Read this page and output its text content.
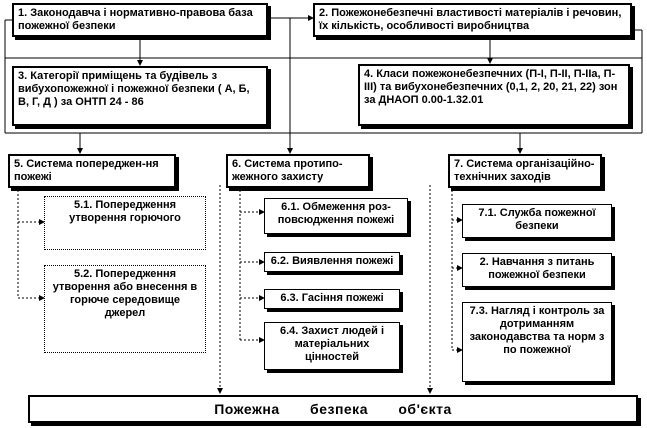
1. Законодавча і нормативно-правова база пожежної безпеки
2. Пожежонебезпечні властивості матеріалів і речовин, їх кількість, особливості виробництва
3. Категорії приміщень та будівель з вибухопожежної і пожежної безпеки ( А, Б, В, Г, Д ) за ОНТП 24 - 86
4. Класи пожежонебезпечних (П-І, П-ІІ, П-ІІа, П-ІІІ) та вибухонебезпечних (0,1, 2, 20, 21, 22) зон за ДНАОП 0.00-1.32.01
5. Система попереджен-ня пожежі
5.1. Попередження утворення горючого
5.2. Попередження утворення або внесення в горюче середовище джерел
6. Система протипо-жежного захисту
6.1. Обмеження роз-повсюдження пожежі
6.2. Виявлення пожежі
6.3. Гасіння пожежі
6.4. Захист людей і матеріальних цінностей
7. Система організаційно-технічних заходів
7.1. Служба пожежної безпеки
2. Навчання з питань пожежної безпеки
7.3. Нагляд і контроль за дотриманням законодавства та норм з по пожежної
Пожежна безпека об'єкта
